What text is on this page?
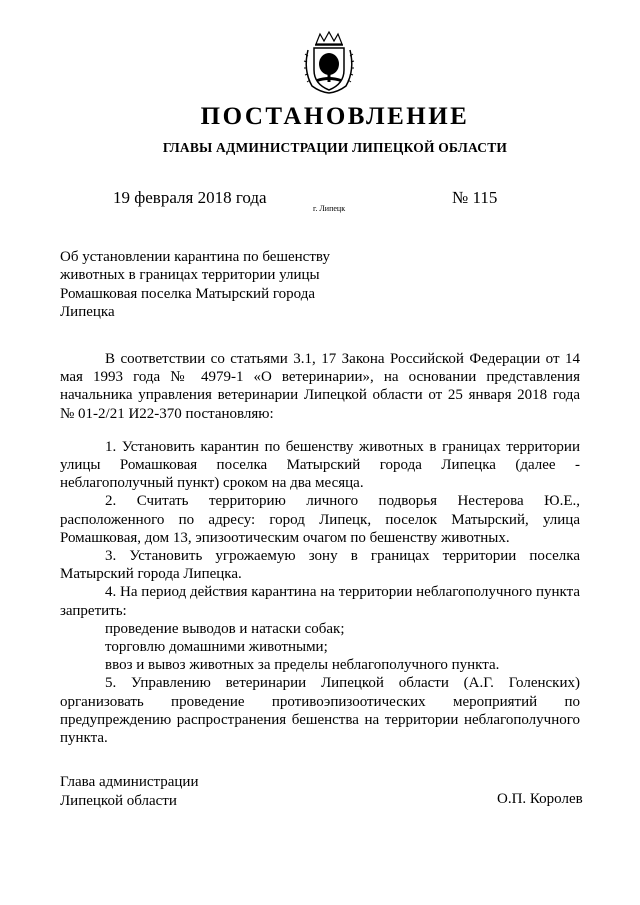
ПОСТАНОВЛЕНИЕ
ГЛАВЫ АДМИНИСТРАЦИИ ЛИПЕЦКОЙ ОБЛАСТИ
19 февраля 2018 года
г. Липецк
№ 115
Об установлении карантина по бешенству
животных в границах территории улицы
Ромашковая поселка Матырский города
Липецка

В соответствии со статьями 3.1, 17 Закона Российской Федерации от 14 мая 1993 года № 4979-1 «О ветеринарии», на основании представления начальника управления ветеринарии Липецкой области от 25 января 2018 года № 01-2/21 И22-370 постановляю:

1. Установить карантин по бешенству животных в границах территории улицы Ромашковая поселка Матырский города Липецка (далее - неблагополучный пункт) сроком на два месяца.

2. Считать территорию личного подворья Нестерова Ю.Е., расположенного по адресу: город Липецк, поселок Матырский, улица Ромашковая, дом 13, эпизоотическим очагом по бешенству животных.

3. Установить угрожаемую зону в границах территории поселка Матырский города Липецка.

4. На период действия карантина на территории неблагополучного пункта запретить:

проведение выводов и натаски собак;

торговлю домашними животными;

ввоз и вывоз животных за пределы неблагополучного пункта.

5. Управлению ветеринарии Липецкой области (А.Г. Голенских) организовать проведение противоэпизоотических мероприятий по предупреждению распространения бешенства на территории неблагополучного пункта.

Глава администрации
Липецкой области	О.П. Королев
